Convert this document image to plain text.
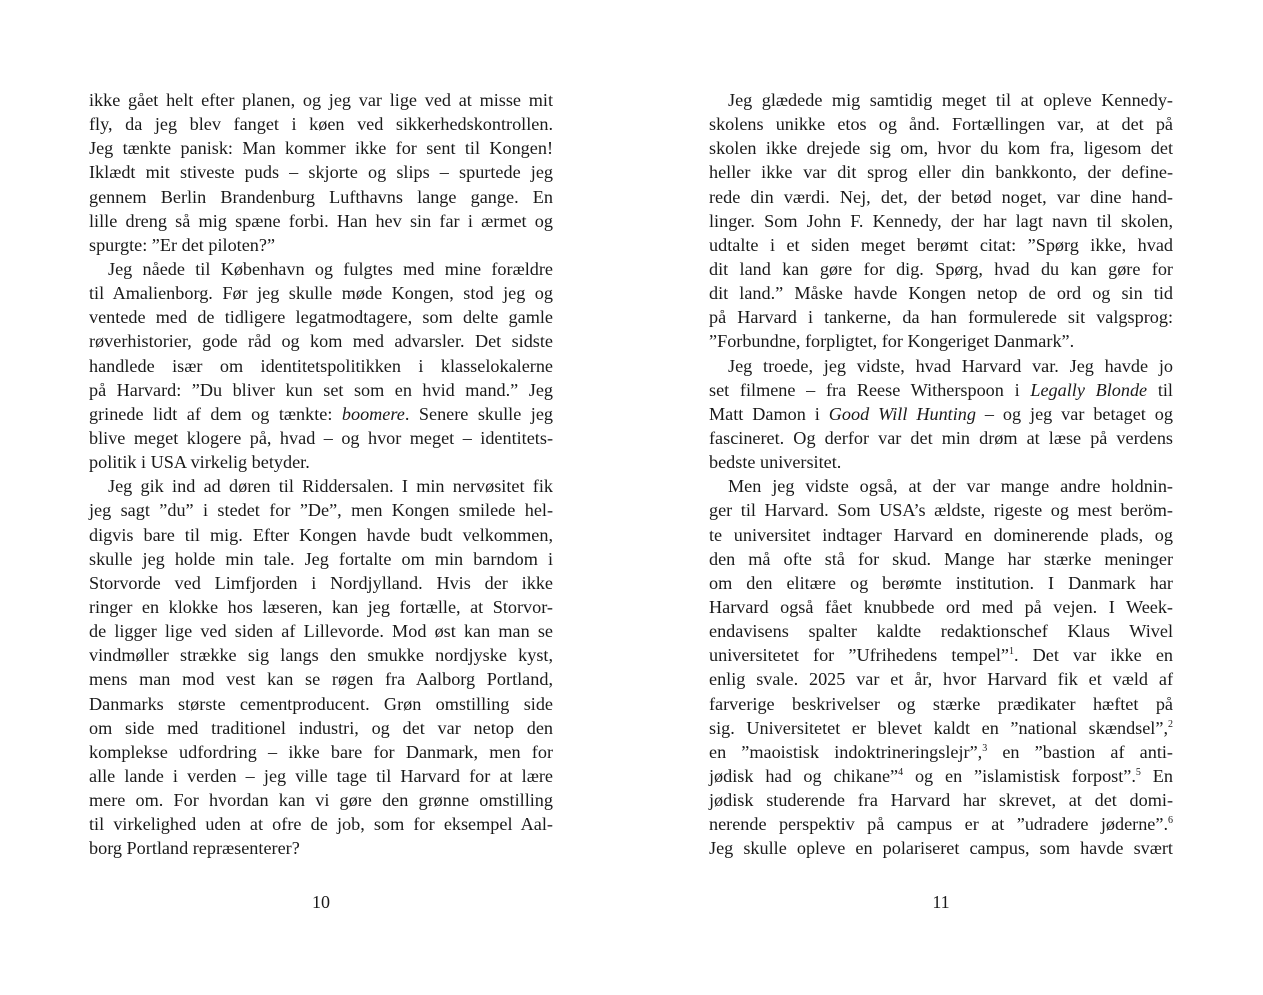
ikke gået helt efter planen, og jeg var lige ved at misse mit
fly, da jeg blev fanget i køen ved sikkerhedskontrollen.
Jeg tænkte panisk: Man kommer ikke for sent til Kongen!
Iklædt mit stiveste puds – skjorte og slips – spurtede jeg
gennem Berlin Brandenburg Lufthavns lange gange. En
lille dreng så mig spæne forbi. Han hev sin far i ærmet og
spurgte: ”Er det piloten?”
Jeg nåede til København og fulgtes med mine forældre
til Amalienborg. Før jeg skulle møde Kongen, stod jeg og
ventede med de tidligere legatmodtagere, som delte gamle
røverhistorier, gode råd og kom med advarsler. Det sidste
handlede især om identitetspolitikken i klasselokalerne
på Harvard: ”Du bliver kun set som en hvid mand.” Jeg
grinede lidt af dem og tænkte: boomere. Senere skulle jeg
blive meget klogere på, hvad – og hvor meget – identitets-
politik i USA virkelig betyder.
Jeg gik ind ad døren til Riddersalen. I min nervøsitet fik
jeg sagt ”du” i stedet for ”De”, men Kongen smilede hel-
digvis bare til mig. Efter Kongen havde budt velkommen,
skulle jeg holde min tale. Jeg fortalte om min barndom i
Storvorde ved Limfjorden i Nordjylland. Hvis der ikke
ringer en klokke hos læseren, kan jeg fortælle, at Storvor-
de ligger lige ved siden af Lillevorde. Mod øst kan man se
vindmøller strække sig langs den smukke nordjyske kyst,
mens man mod vest kan se røgen fra Aalborg Portland,
Danmarks største cementproducent. Grøn omstilling side
om side med traditionel industri, og det var netop den
komplekse udfordring – ikke bare for Danmark, men for
alle lande i verden – jeg ville tage til Harvard for at lære
mere om. For hvordan kan vi gøre den grønne omstilling
til virkelighed uden at ofre de job, som for eksempel Aal-
borg Portland repræsenterer?
Jeg glædede mig samtidig meget til at opleve Kennedy-
skolens unikke etos og ånd. Fortællingen var, at det på
skolen ikke drejede sig om, hvor du kom fra, ligesom det
heller ikke var dit sprog eller din bankkonto, der define-
rede din værdi. Nej, det, der betød noget, var dine hand-
linger. Som John F. Kennedy, der har lagt navn til skolen,
udtalte i et siden meget berømt citat: ”Spørg ikke, hvad
dit land kan gøre for dig. Spørg, hvad du kan gøre for
dit land.” Måske havde Kongen netop de ord og sin tid
på Harvard i tankerne, da han formulerede sit valgsprog:
”Forbundne, forpligtet, for Kongeriget Danmark”.
Jeg troede, jeg vidste, hvad Harvard var. Jeg havde jo
set filmene – fra Reese Witherspoon i Legally Blonde til
Matt Damon i Good Will Hunting – og jeg var betaget og
fascineret. Og derfor var det min drøm at læse på verdens
bedste universitet.
Men jeg vidste også, at der var mange andre holdnin-
ger til Harvard. Som USA’s ældste, rigeste og mest beröm-
te universitet indtager Harvard en dominerende plads, og
den må ofte stå for skud. Mange har stærke meninger
om den elitære og berømte institution. I Danmark har
Harvard også fået knubbede ord med på vejen. I Week-
endavisens spalter kaldte redaktionschef Klaus Wivel
universitetet for ”Ufrihedens tempel”$^1$. Det var ikke en
enlig svale. 2025 var et år, hvor Harvard fik et væld af
farverige beskrivelser og stærke prædikater hæftet på
sig. Universitetet er blevet kaldt en ”national skændsel”,$^2$
en ”maoistisk indoktrineringslejr”,$^3$ en ”bastion af anti-
jødisk had og chikane”$^4$ og en ”islamistisk forpost”.$^5$ En
jødisk studerende fra Harvard har skrevet, at det domi-
nerende perspektiv på campus er at ”udradere jøderne”.$^6$
Jeg skulle opleve en polariseret campus, som havde svært
10	11
